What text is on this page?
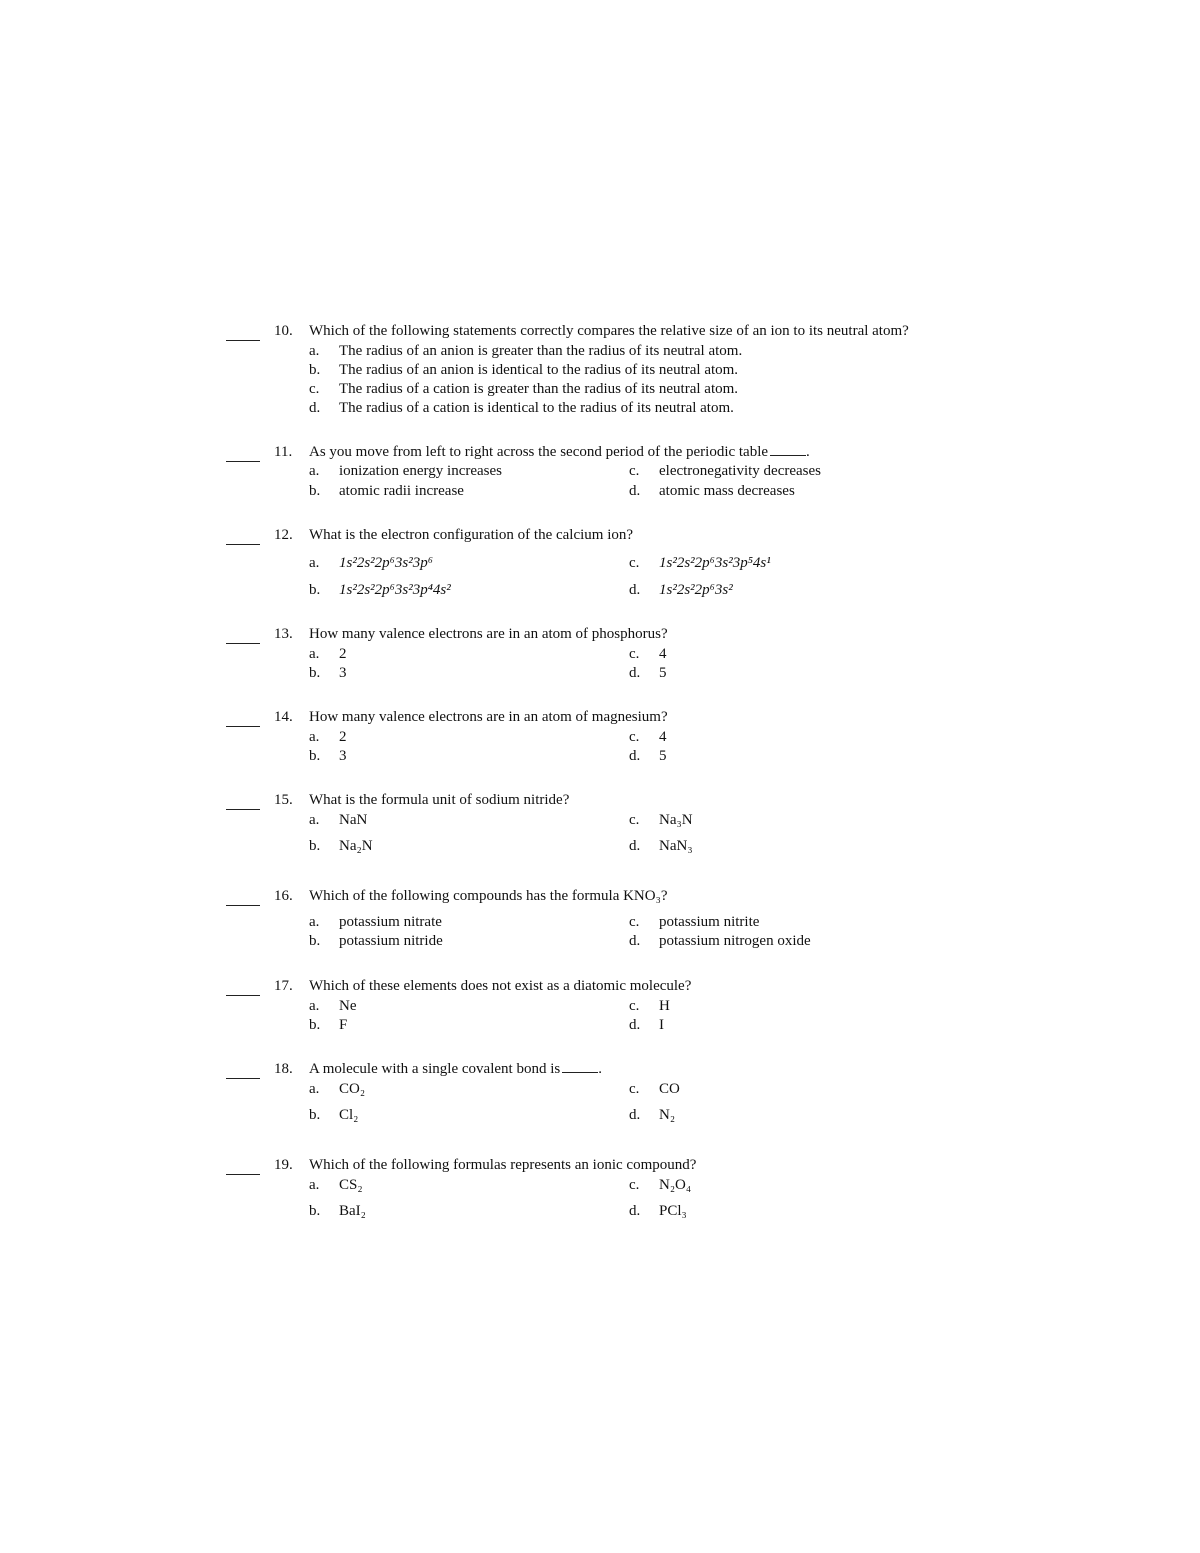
10. Which of the following statements correctly compares the relative size of an ion to its neutral atom?
a. The radius of an anion is greater than the radius of its neutral atom.
b. The radius of an anion is identical to the radius of its neutral atom.
c. The radius of a cation is greater than the radius of its neutral atom.
d. The radius of a cation is identical to the radius of its neutral atom.
11. As you move from left to right across the second period of the periodic table	.
a. ionization energy increases
b. atomic radii increase
c. electronegativity decreases
d. atomic mass decreases
12. What is the electron configuration of the calcium ion?
a. 1s²2s²2p⁶3s²3p⁶
b. 1s²2s²2p⁶3s²3p⁴4s²
c. 1s²2s²2p⁶3s²3p⁵4s¹
d. 1s²2s²2p⁶3s²
13. How many valence electrons are in an atom of phosphorus?
a. 2
b. 3
c. 4
d. 5
14. How many valence electrons are in an atom of magnesium?
a. 2
b. 3
c. 4
d. 5
15. What is the formula unit of sodium nitride?
a. NaN
b. Na₂N
c. Na₃N
d. NaN₃
16. Which of the following compounds has the formula KNO₃?
a. potassium nitrate
b. potassium nitride
c. potassium nitrite
d. potassium nitrogen oxide
17. Which of these elements does not exist as a diatomic molecule?
a. Ne
b. F
c. H
d. I
18. A molecule with a single covalent bond is	.
a. CO₂
b. Cl₂
c. CO
d. N₂
19. Which of the following formulas represents an ionic compound?
a. CS₂
b. BaI₂
c. N₂O₄
d. PCl₃
